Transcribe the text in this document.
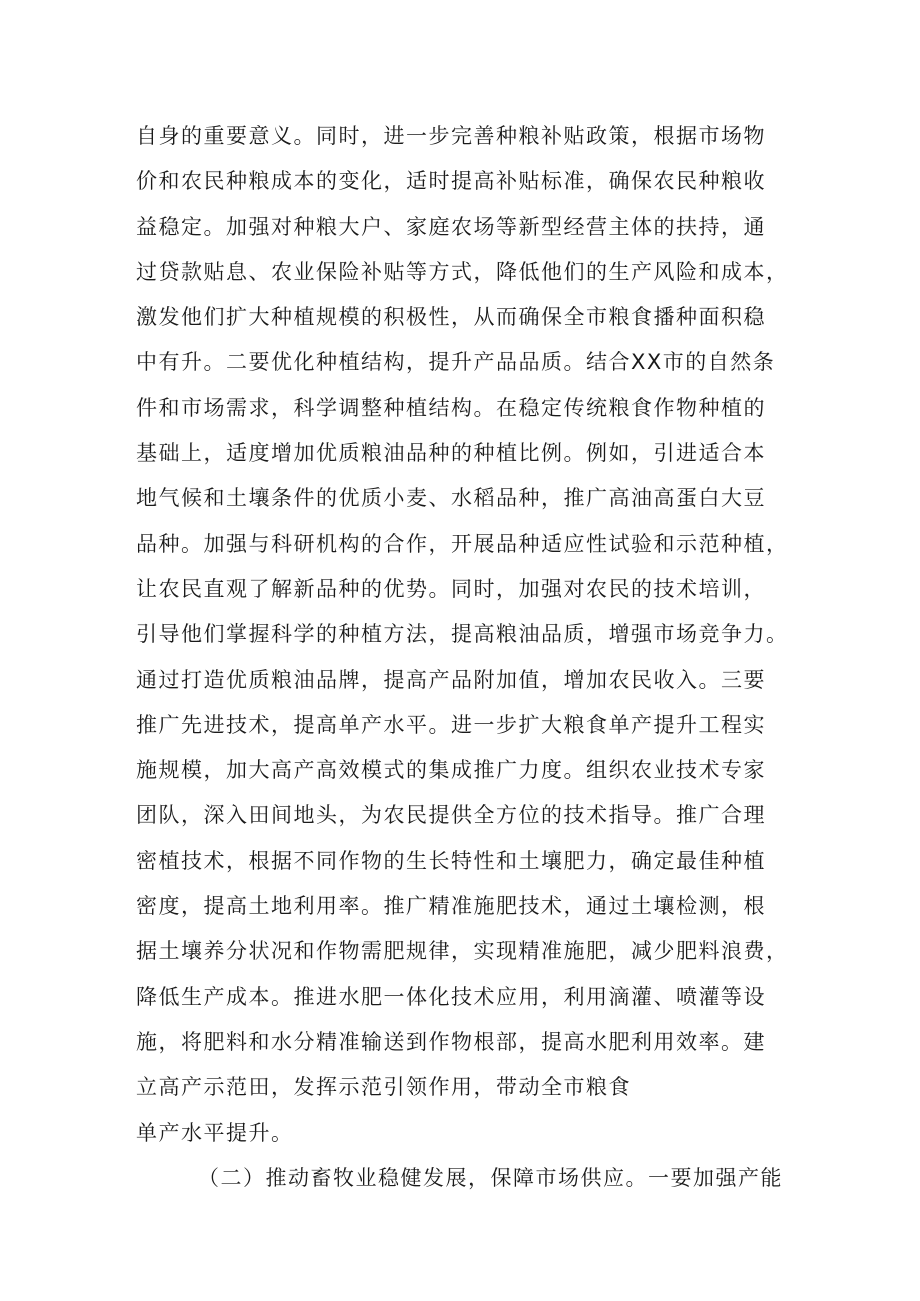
自身的重要意义。同时，进一步完善种粮补贴政策，根据市场物
价和农民种粮成本的变化，适时提高补贴标准，确保农民种粮收
益稳定。加强对种粮大户、家庭农场等新型经营主体的扶持，通
过贷款贴息、农业保险补贴等方式，降低他们的生产风险和成本，
激发他们扩大种植规模的积极性，从而确保全市粮食播种面积稳
中有升。二要优化种植结构，提升产品品质。结合XX市的自然条
件和市场需求，科学调整种植结构。在稳定传统粮食作物种植的
基础上，适度增加优质粮油品种的种植比例。例如，引进适合本
地气候和土壤条件的优质小麦、水稻品种，推广高油高蛋白大豆
品种。加强与科研机构的合作，开展品种适应性试验和示范种植，
让农民直观了解新品种的优势。同时，加强对农民的技术培训，
引导他们掌握科学的种植方法，提高粮油品质，增强市场竞争力。
通过打造优质粮油品牌，提高产品附加值，增加农民收入。三要
推广先进技术，提高单产水平。进一步扩大粮食单产提升工程实
施规模，加大高产高效模式的集成推广力度。组织农业技术专家
团队，深入田间地头，为农民提供全方位的技术指导。推广合理
密植技术，根据不同作物的生长特性和土壤肥力，确定最佳种植
密度，提高土地利用率。推广精准施肥技术，通过土壤检测，根
据土壤养分状况和作物需肥规律，实现精准施肥，减少肥料浪费，
降低生产成本。推进水肥一体化技术应用，利用滴灌、喷灌等设
施，将肥料和水分精准输送到作物根部，提高水肥利用效率。建
立高产示范田，发挥示范引领作用，带动全市粮食
单产水平提升。
（二）推动畜牧业稳健发展，保障市场供应。一要加强产能
